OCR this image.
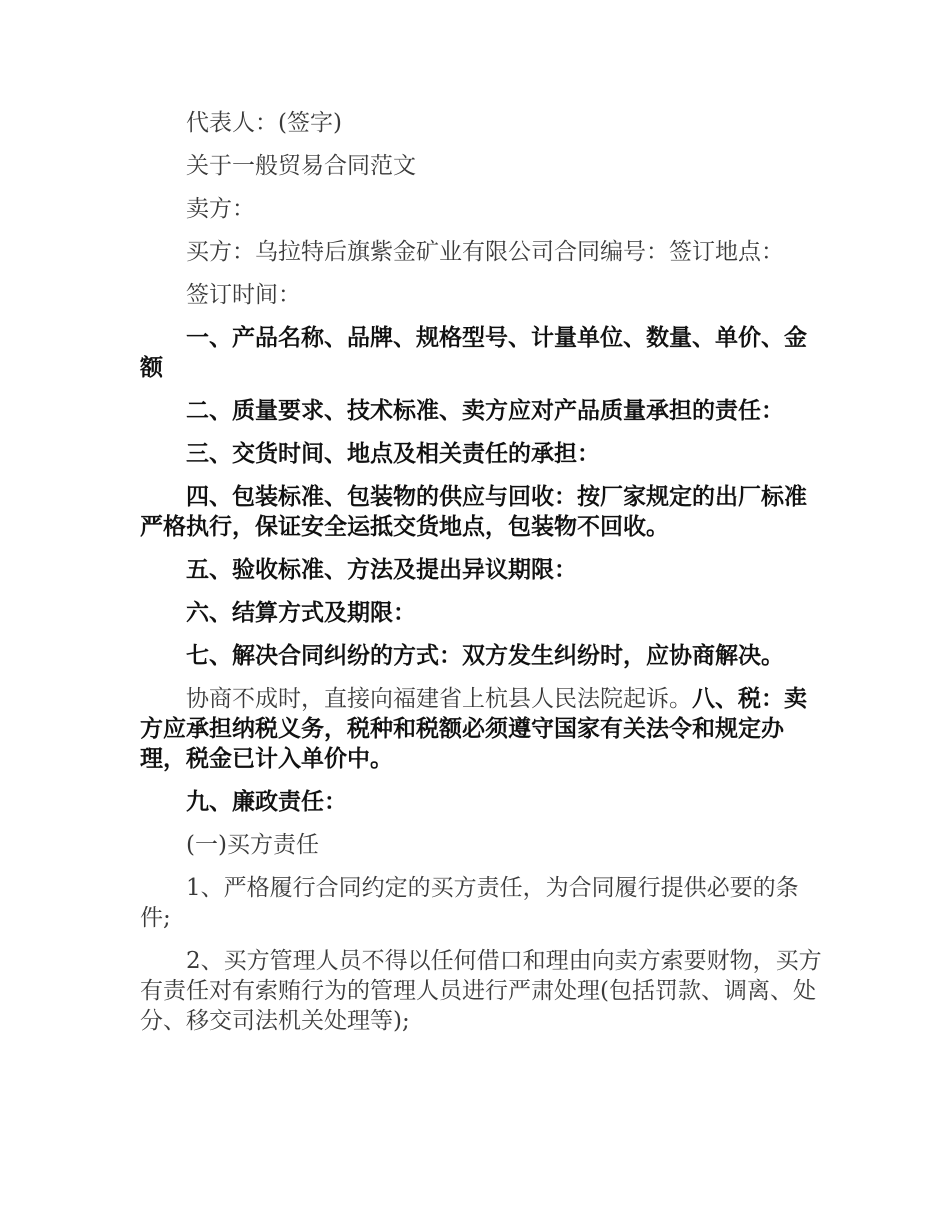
代表人：(签字)

关于一般贸易合同范文

卖方：

买方：乌拉特后旗紫金矿业有限公司合同编号：签订地点：

签订时间：

一、产品名称、品牌、规格型号、计量单位、数量、单价、金额

二、质量要求、技术标准、卖方应对产品质量承担的责任：

三、交货时间、地点及相关责任的承担：

四、包装标准、包装物的供应与回收：按厂家规定的出厂标准严格执行，保证安全运抵交货地点，包装物不回收。

五、验收标准、方法及提出异议期限：

六、结算方式及期限：

七、解决合同纠纷的方式：双方发生纠纷时，应协商解决。

协商不成时，直接向福建省上杭县人民法院起诉。八、税：卖方应承担纳税义务，税种和税额必须遵守国家有关法令和规定办理，税金已计入单价中。

九、廉政责任：

(一)买方责任

1、严格履行合同约定的买方责任，为合同履行提供必要的条件;

2、买方管理人员不得以任何借口和理由向卖方索要财物，买方有责任对有索贿行为的管理人员进行严肃处理(包括罚款、调离、处分、移交司法机关处理等);
